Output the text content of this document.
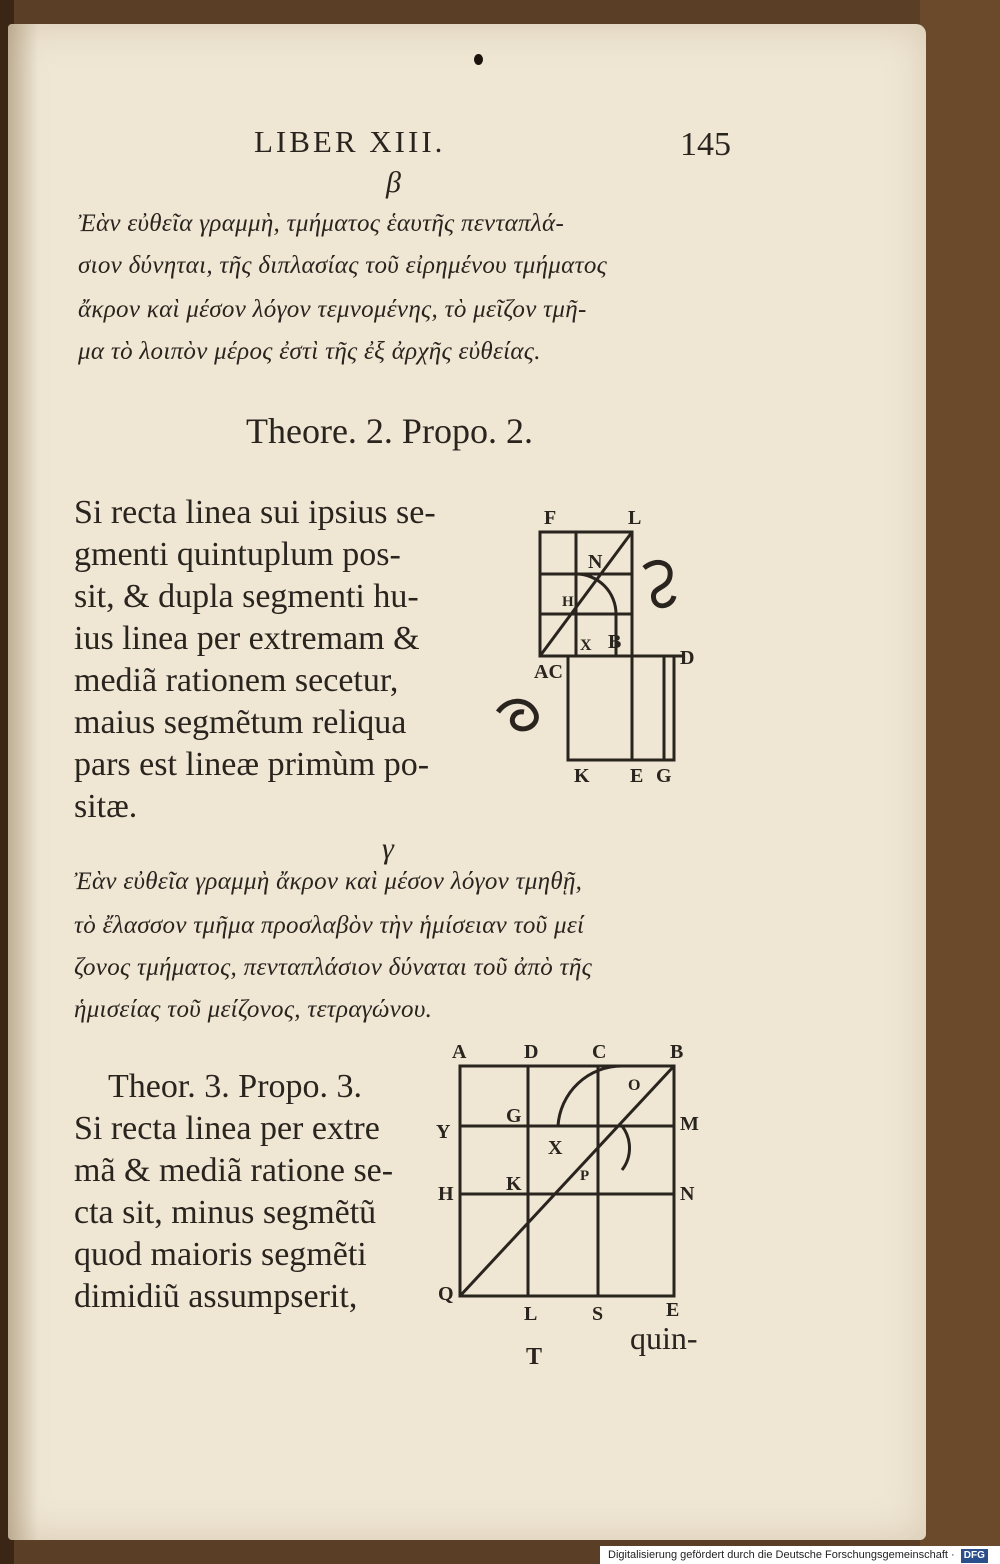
LIBER XIII.	145
β
Ἐὰν εὐθεῖα γραμμὴ, τμήματος ἑαυτῆς πενταπλά-
σιον δύνηται, τῆς διπλασίας τοῦ εἰρημένου τμήματος
ἄκρον καὶ μέσον λόγον τεμνομένης, τὸ μεῖζον τμῆ-
μα τὸ λοιπὸν μέρος ἐστὶ τῆς ἐξ ἀρχῆς εὐθείας.
Theore. 2. Propo. 2.
Si recta linea sui ipsius se-
gmenti quintuplum pos-
sit, & dupla segmenti hu-
ius linea per extremam &
mediã rationem secetur,
maius segmẽtum reliqua
pars est lineæ primùm po-
sitæ.
F	L
N
H
X B
AC
D
K E G
γ
Ἐὰν εὐθεῖα γραμμὴ ἄκρον καὶ μέσον λόγον τμηθῇ,
τὸ ἔλασσον τμῆμα προσλαβὸν τὴν ἡμίσειαν τοῦ μεί
ζονος τμήματος, πενταπλάσιον δύναται τοῦ ἀπὸ τῆς
ἡμισείας τοῦ μείζονος, τετραγώνου.
Theor. 3. Propo. 3.
Si recta linea per extre
mã & mediã ratione se-
cta sit, minus segmẽtũ
quod maioris segmẽti
dimidiũ assumpserit,
A	D	C	B
O
Y	M
G
X
K	P
H	N
Q
L	S	E
T
quin-
Digitalisierung gefördert durch die Deutsche Forschungsgemeinschaft · DFG
